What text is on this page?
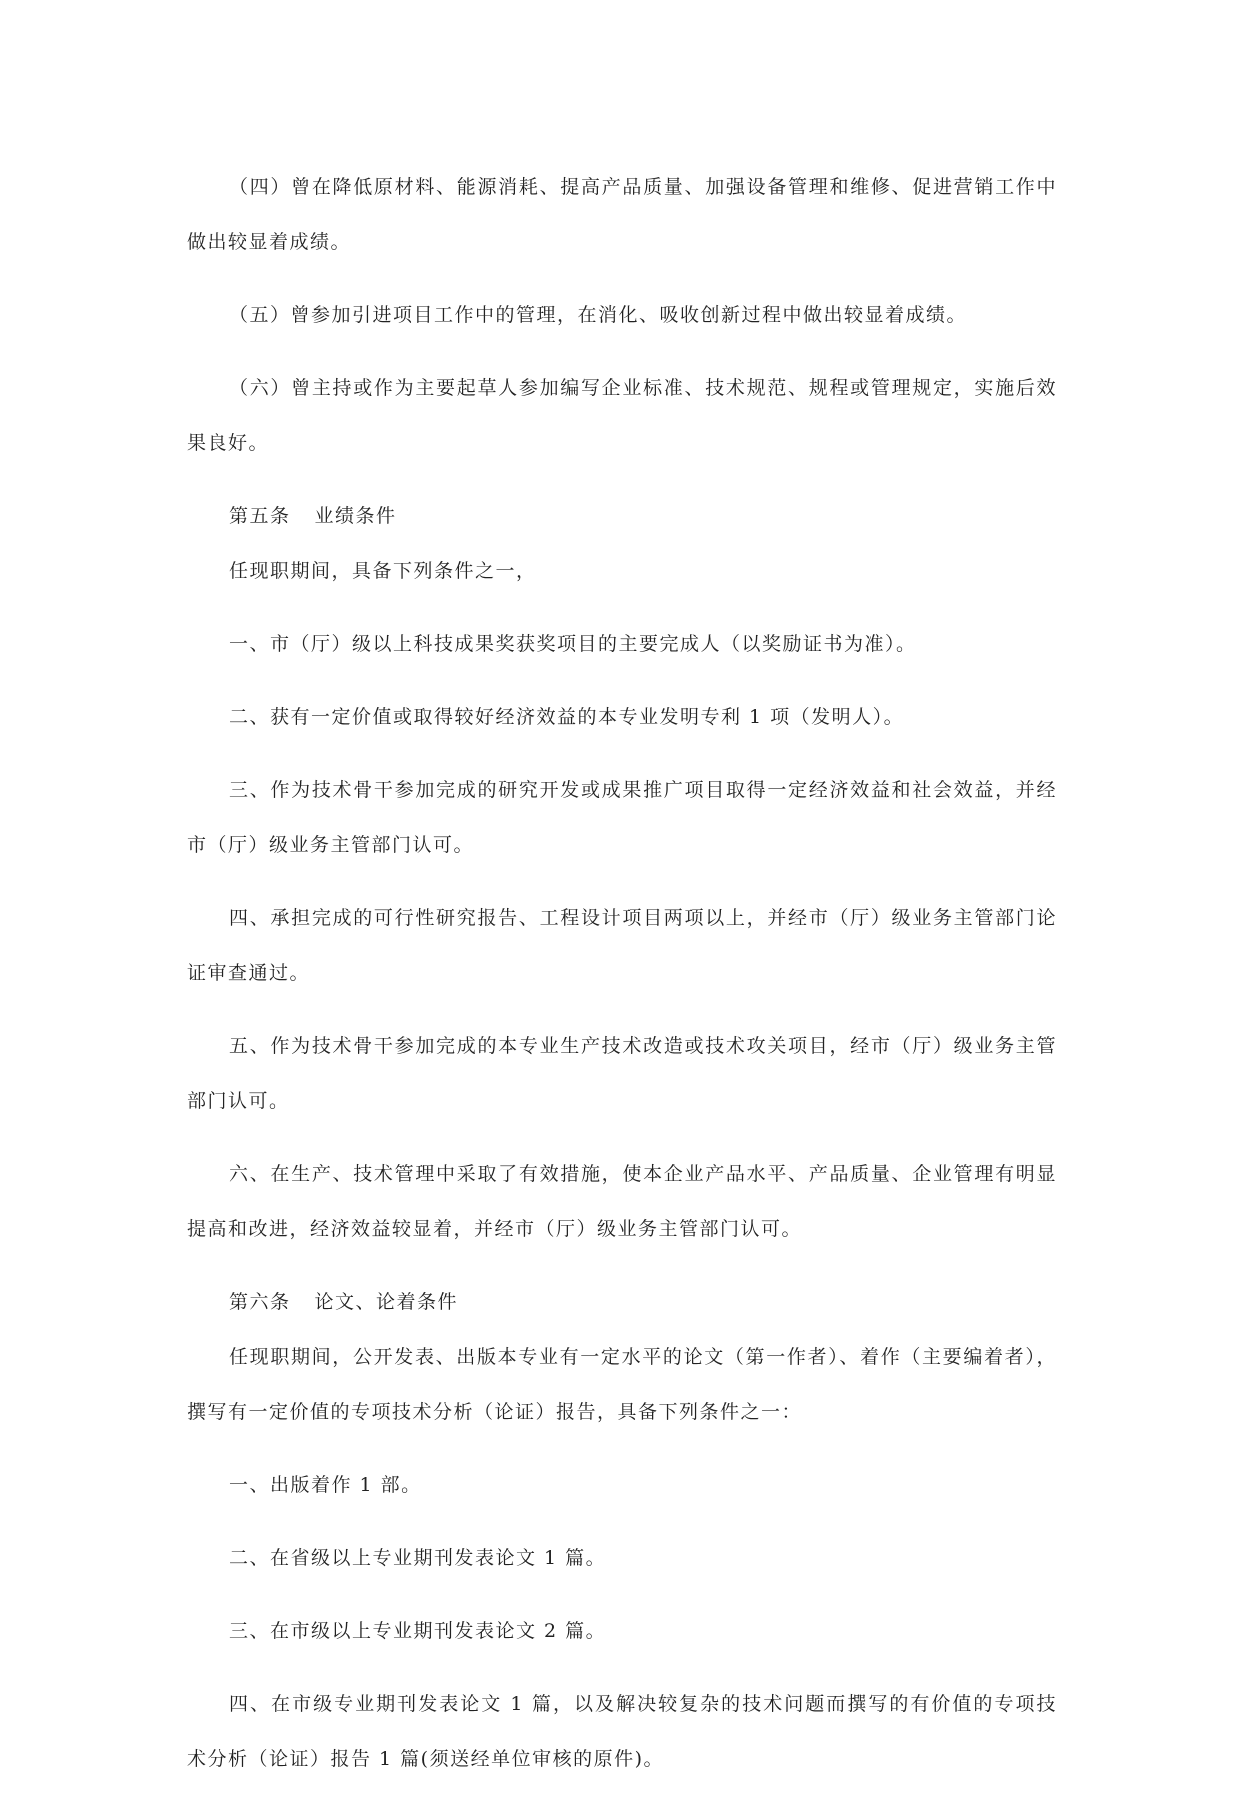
（四）曾在降低原材料、能源消耗、提高产品质量、加强设备管理和维修、促进营销工作中做出较显着成绩。

（五）曾参加引进项目工作中的管理，在消化、吸收创新过程中做出较显着成绩。

（六）曾主持或作为主要起草人参加编写企业标准、技术规范、规程或管理规定，实施后效果良好。

第五条 业绩条件

任现职期间，具备下列条件之一，

一、市（厅）级以上科技成果奖获奖项目的主要完成人（以奖励证书为准）。

二、获有一定价值或取得较好经济效益的本专业发明专利 1 项（发明人）。

三、作为技术骨干参加完成的研究开发或成果推广项目取得一定经济效益和社会效益，并经市（厅）级业务主管部门认可。

四、承担完成的可行性研究报告、工程设计项目两项以上，并经市（厅）级业务主管部门论证审查通过。

五、作为技术骨干参加完成的本专业生产技术改造或技术攻关项目，经市（厅）级业务主管部门认可。

六、在生产、技术管理中采取了有效措施，使本企业产品水平、产品质量、企业管理有明显提高和改进，经济效益较显着，并经市（厅）级业务主管部门认可。

第六条 论文、论着条件

任现职期间，公开发表、出版本专业有一定水平的论文（第一作者）、着作（主要编着者），撰写有一定价值的专项技术分析（论证）报告，具备下列条件之一：

一、出版着作 1 部。

二、在省级以上专业期刊发表论文 1 篇。

三、在市级以上专业期刊发表论文 2 篇。

四、在市级专业期刊发表论文 1 篇，以及解决较复杂的技术问题而撰写的有价值的专项技术分析（论证）报告 1 篇(须送经单位审核的原件)。
